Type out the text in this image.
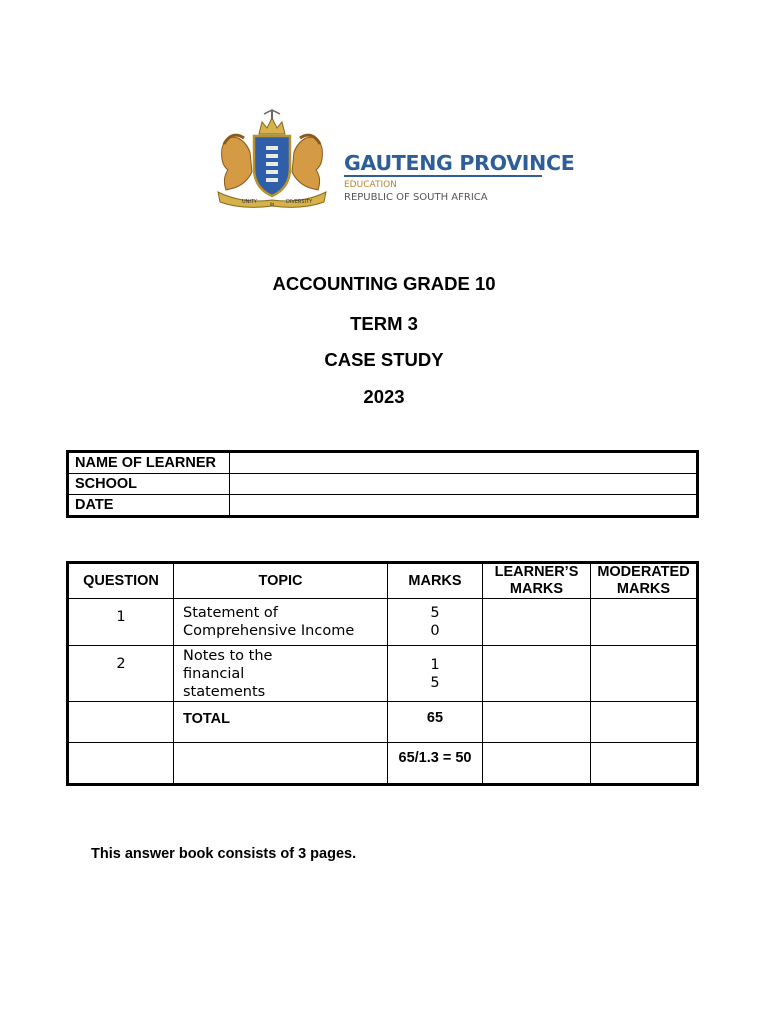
UNITY	IN DIVERSITY
GAUTENG PROVINCE
EDUCATION
REPUBLIC OF SOUTH AFRICA
ACCOUNTING GRADE 10
TERM 3
CASE STUDY
2023
NAME OF LEARNER	
SCHOOL	
DATE	
QUESTION	TOPIC	MARKS	LEARNER’S MARKS	MODERATED MARKS
1	Statement of Comprehensive Income	50		
2	Notes to the financial statements	15		
	TOTAL	65		
		65/1.3 = 50		
This answer book consists of 3 pages.
